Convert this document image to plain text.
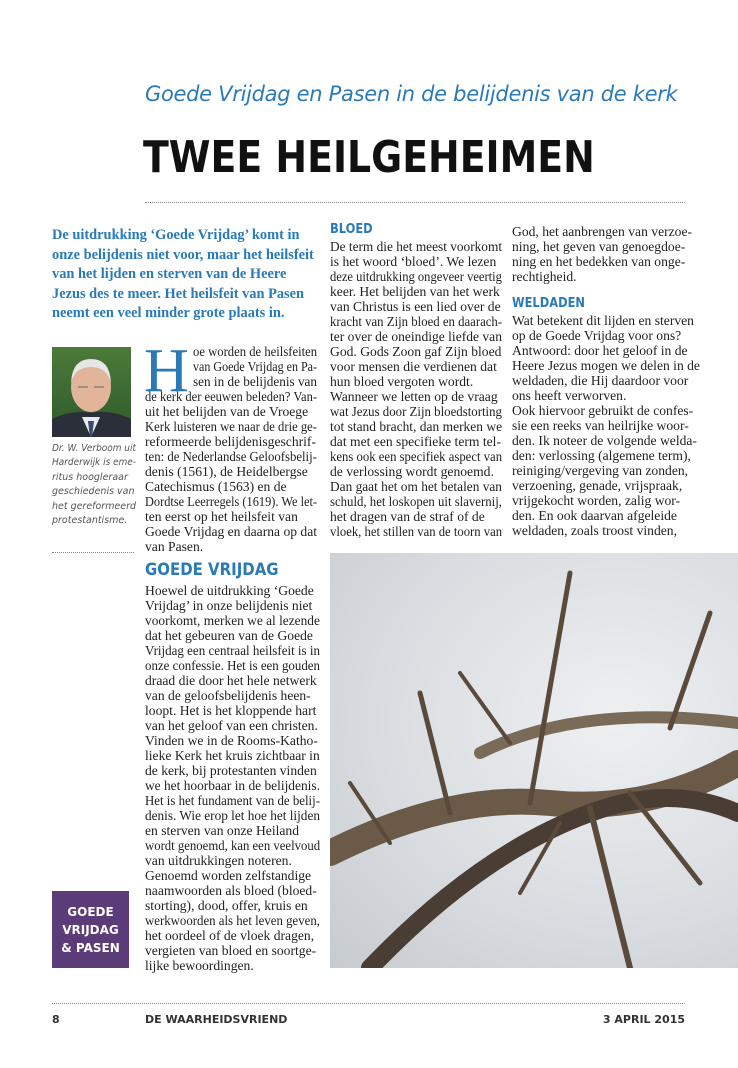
Goede Vrijdag en Pasen in de belijdenis van de kerk
TWEE HEILGEHEIMEN
De uitdrukking ‘Goede Vrijdag’ komt in onze belijdenis niet voor, maar het heilsfeit van het lijden en sterven van de Heere Jezus des te meer. Het heilsfeit van Pasen neemt een veel minder grote plaats in.
Dr. W. Verboom uit
Harderwijk is eme-
ritus hoogleraar
geschiedenis van
het gereformeerd
protestantisme.
H oe worden de heilsfeiten
van Goede Vrijdag en Pa-
sen in de belijdenis van
de kerk der eeuwen beleden? Van-
uit het belijden van de Vroege
Kerk luisteren we naar de drie ge-
reformeerde belijdenisgeschrif-
ten: de Nederlandse Geloofsbelij-
denis (1561), de Heidelbergse
Catechismus (1563) en de
Dordtse Leerregels (1619). We let-
ten eerst op het heilsfeit van
Goede Vrijdag en daarna op dat
van Pasen.
GOEDE VRIJDAG
Hoewel de uitdrukking ‘Goede
Vrijdag’ in onze belijdenis niet
voorkomt, merken we al lezende
dat het gebeuren van de Goede
Vrijdag een centraal heilsfeit is in
onze confessie. Het is een gouden
draad die door het hele netwerk
van de geloofsbelijdenis heen-
loopt. Het is het kloppende hart
van het geloof van een christen.
Vinden we in de Rooms-Katho-
lieke Kerk het kruis zichtbaar in
de kerk, bij protestanten vinden
we het hoorbaar in de belijdenis.
Het is het fundament van de belij-
denis. Wie erop let hoe het lijden
en sterven van onze Heiland
wordt genoemd, kan een veelvoud
van uitdrukkingen noteren.
Genoemd worden zelfstandige
naamwoorden als bloed (bloed-
storting), dood, offer, kruis en
werkwoorden als het leven geven,
het oordeel of de vloek dragen,
vergieten van bloed en soortge-
lijke bewoordingen.
BLOED
De term die het meest voorkomt
is het woord ‘bloed’. We lezen
deze uitdrukking ongeveer veertig
keer. Het belijden van het werk
van Christus is een lied over de
kracht van Zijn bloed en daarach-
ter over de oneindige liefde van
God. Gods Zoon gaf Zijn bloed
voor mensen die verdienen dat
hun bloed vergoten wordt.
Wanneer we letten op de vraag
wat Jezus door Zijn bloedstorting
tot stand bracht, dan merken we
dat met een specifieke term tel-
kens ook een specifiek aspect van
de verlossing wordt genoemd.
Dan gaat het om het betalen van
schuld, het loskopen uit slavernij,
het dragen van de straf of de
vloek, het stillen van de toorn van
God, het aanbrengen van verzoe-
ning, het geven van genoegdoe-
ning en het bedekken van onge-
rechtigheid.
WELDADEN
Wat betekent dit lijden en sterven
op de Goede Vrijdag voor ons?
Antwoord: door het geloof in de
Heere Jezus mogen we delen in de
weldaden, die Hij daardoor voor
ons heeft verworven.
Ook hiervoor gebruikt de confes-
sie een reeks van heilrijke woor-
den. Ik noteer de volgende welda-
den: verlossing (algemene term),
reiniging/vergeving van zonden,
verzoening, genade, vrijspraak,
vrijgekocht worden, zalig wor-
den. En ook daarvan afgeleide
weldaden, zoals troost vinden,
GOEDE
VRIJDAG
& PASEN
8	DE WAARHEIDSVRIEND	3 APRIL 2015
